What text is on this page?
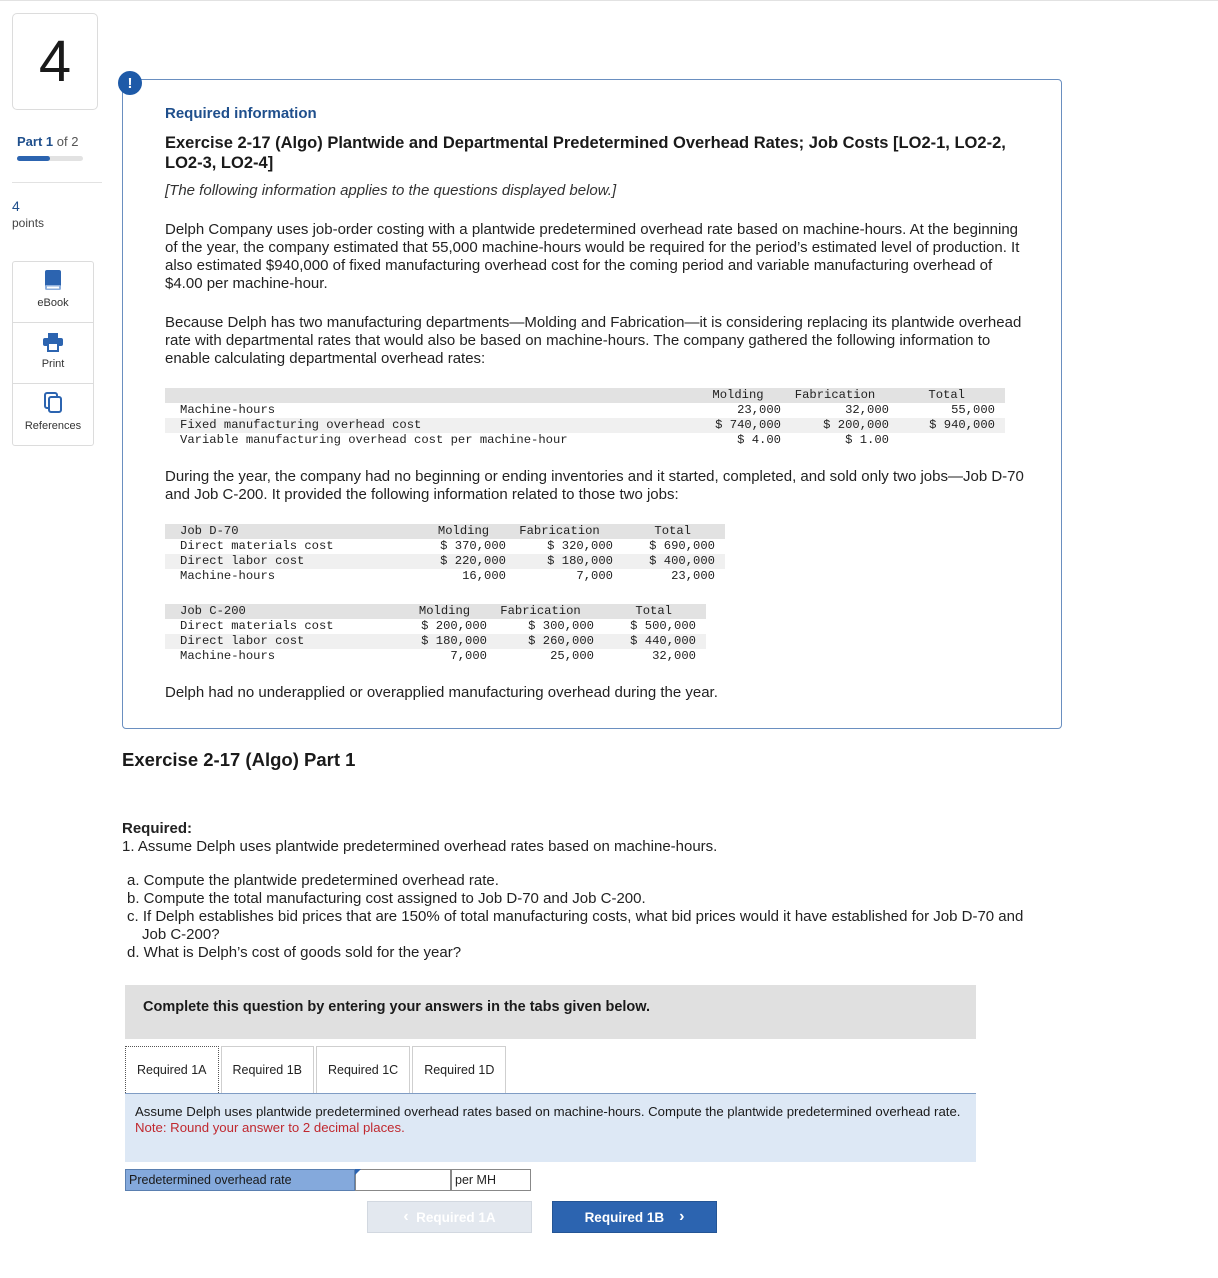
4
Part 1 of 2
4
points
eBook
Print
References
!
Required information
Exercise 2-17 (Algo) Plantwide and Departmental Predetermined Overhead Rates; Job Costs [LO2-1, LO2-2, LO2-3, LO2-4]
[The following information applies to the questions displayed below.]
Delph Company uses job-order costing with a plantwide predetermined overhead rate based on machine-hours. At the beginning of the year, the company estimated that 55,000 machine-hours would be required for the period’s estimated level of production. It also estimated $940,000 of fixed manufacturing overhead cost for the coming period and variable manufacturing overhead of $4.00 per machine-hour.
Because Delph has two manufacturing departments—Molding and Fabrication—it is considering replacing its plantwide overhead rate with departmental rates that would also be based on machine-hours. The company gathered the following information to enable calculating departmental overhead rates:
	Molding	Fabrication	Total
Machine-hours	23,000	32,000	55,000
Fixed manufacturing overhead cost	$ 740,000	$ 200,000	$ 940,000
Variable manufacturing overhead cost per machine-hour	$ 4.00	$ 1.00	
During the year, the company had no beginning or ending inventories and it started, completed, and sold only two jobs—Job D-70 and Job C-200. It provided the following information related to those two jobs:
Job D-70	Molding	Fabrication	Total
Direct materials cost	$ 370,000	$ 320,000	$ 690,000
Direct labor cost	$ 220,000	$ 180,000	$ 400,000
Machine-hours	16,000	7,000	23,000
Job C-200	Molding	Fabrication	Total
Direct materials cost	$ 200,000	$ 300,000	$ 500,000
Direct labor cost	$ 180,000	$ 260,000	$ 440,000
Machine-hours	7,000	25,000	32,000
Delph had no underapplied or overapplied manufacturing overhead during the year.
Exercise 2-17 (Algo) Part 1
Required:
1. Assume Delph uses plantwide predetermined overhead rates based on machine-hours.
a. Compute the plantwide predetermined overhead rate.
b. Compute the total manufacturing cost assigned to Job D-70 and Job C-200.
c. If Delph establishes bid prices that are 150% of total manufacturing costs, what bid prices would it have established for Job D-70 and Job C-200?
d. What is Delph’s cost of goods sold for the year?
Complete this question by entering your answers in the tabs given below.
Required 1A	Required 1B	Required 1C	Required 1D
Assume Delph uses plantwide predetermined overhead rates based on machine-hours. Compute the plantwide predetermined overhead rate.
Note: Round your answer to 2 decimal places.
Predetermined overhead rate	per MH
‹
Required 1A	Required 1B
›
